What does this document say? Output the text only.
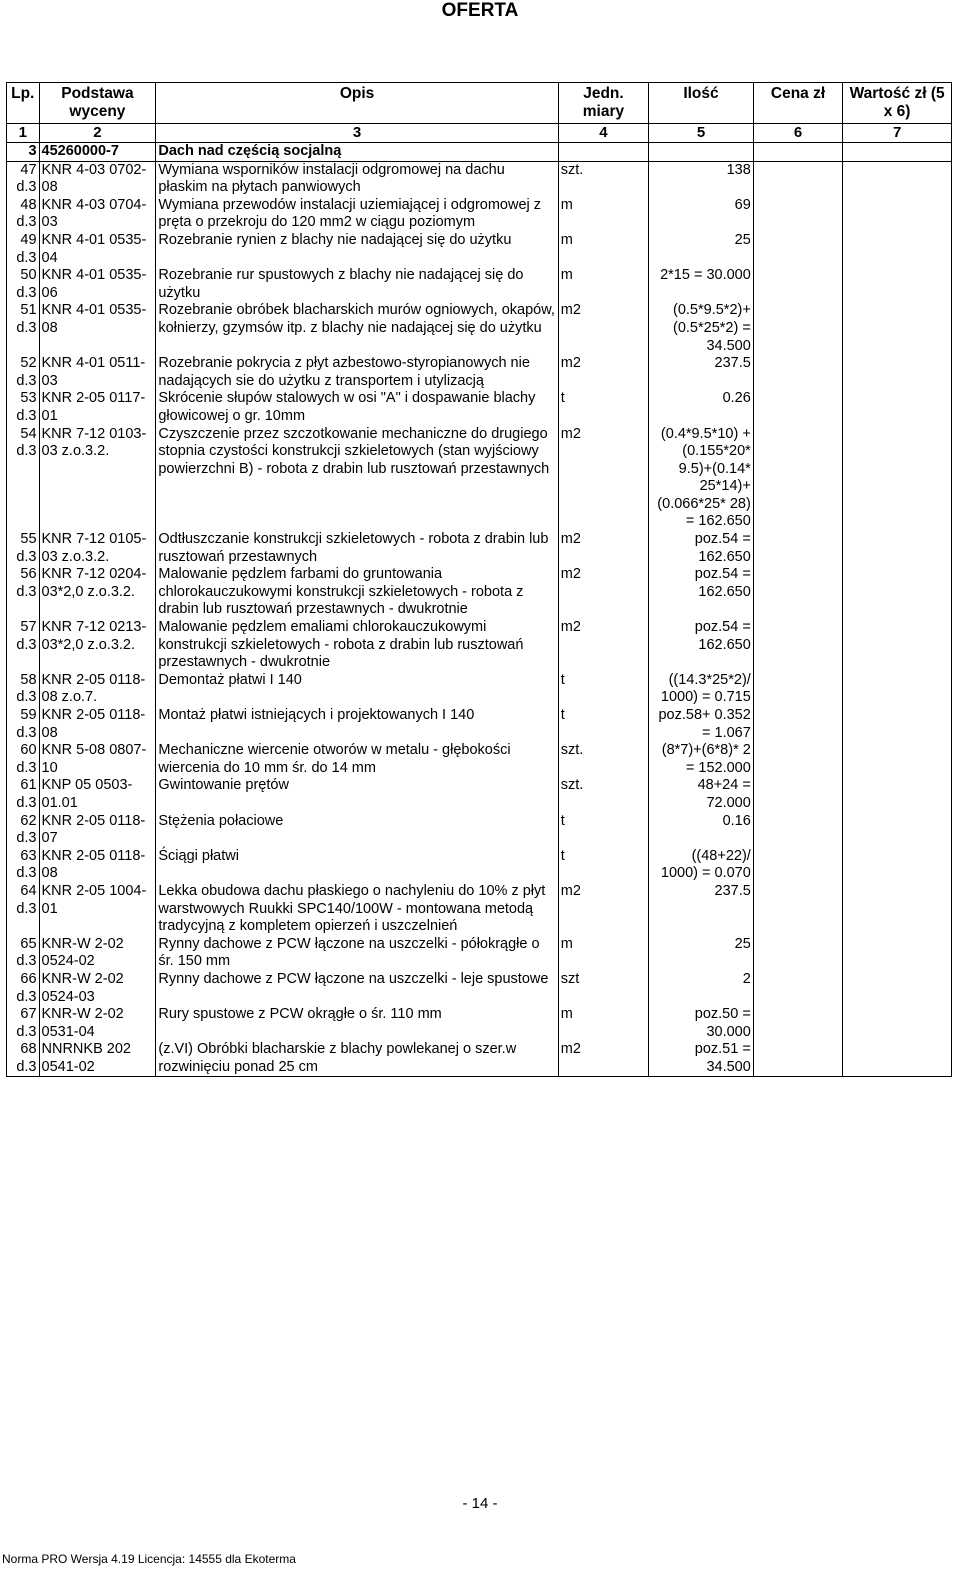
OFERTA
Lp.	Podstawa wyceny	Opis	Jedn. miary	Ilość	Cena zł	Wartość zł (5 x 6)
1	2	3	4	5	6	7
3	45260000-7	Dach nad częścią socjalną				
47 d.3	KNR 4-03 0702-08	Wymiana wsporników instalacji odgromowej na dachu płaskim na płytach panwiowych	szt.	138		
48 d.3	KNR 4-03 0704-03	Wymiana przewodów instalacji uziemiającej i odgromowej z pręta o przekroju do 120 mm2 w ciągu poziomym	m	69		
49 d.3	KNR 4-01 0535-04	Rozebranie rynien z blachy nie nadającej się do użytku	m	25		
50 d.3	KNR 4-01 0535-06	Rozebranie rur spustowych z blachy nie nadającej się do użytku	m	2*15 = 30.000		
51 d.3	KNR 4-01 0535-08	Rozebranie obróbek blacharskich murów ogniowych, okapów, kołnierzy, gzymsów itp. z blachy nie nadającej się do użytku	m2	(0.5*9.5*2)+ (0.5*25*2) = 34.500		
52 d.3	KNR 4-01 0511-03	Rozebranie pokrycia z płyt azbestowo-styropianowych nie nadających sie do użytku z transportem i utylizacją	m2	237.5		
53 d.3	KNR 2-05 0117-01	Skrócenie słupów stalowych w osi "A" i dospawanie blachy głowicowej o gr. 10mm	t	0.26		
54 d.3	KNR 7-12 0103-03 z.o.3.2.	Czyszczenie przez szczotkowanie mechaniczne do drugiego stopnia czystości konstrukcji szkieletowych (stan wyjściowy powierzchni B) - robota z drabin lub rusztowań przestawnych	m2	(0.4*9.5*10) +(0.155*20* 9.5)+(0.14* 25*14)+ (0.066*25* 28) = 162.650		
55 d.3	KNR 7-12 0105-03 z.o.3.2.	Odtłuszczanie konstrukcji szkieletowych - robota z drabin lub rusztowań przestawnych	m2	poz.54 = 162.650		
56 d.3	KNR 7-12 0204-03*2,0 z.o.3.2.	Malowanie pędzlem farbami do gruntowania chlorokauczukowymi konstrukcji szkieletowych - robota z drabin lub rusztowań przestawnych - dwukrotnie	m2	poz.54 = 162.650		
57 d.3	KNR 7-12 0213-03*2,0 z.o.3.2.	Malowanie pędzlem emaliami chlorokauczukowymi konstrukcji szkieletowych - robota z drabin lub rusztowań przestawnych - dwukrotnie	m2	poz.54 = 162.650		
58 d.3	KNR 2-05 0118-08 z.o.7.	Demontaż płatwi I 140	t	((14.3*25*2)/ 1000) = 0.715		
59 d.3	KNR 2-05 0118-08	Montaż płatwi istniejących i projektowanych I 140	t	poz.58+ 0.352 = 1.067		
60 d.3	KNR 5-08 0807-10	Mechaniczne wiercenie otworów w metalu - głębokości wiercenia do 10 mm śr. do 14 mm	szt.	(8*7)+(6*8)* 2 = 152.000		
61 d.3	KNP 05 0503-01.01	Gwintowanie prętów	szt.	48+24 = 72.000		
62 d.3	KNR 2-05 0118-07	Stężenia połaciowe	t	0.16		
63 d.3	KNR 2-05 0118-08	Ściągi płatwi	t	((48+22)/ 1000) = 0.070		
64 d.3	KNR 2-05 1004-01	Lekka obudowa dachu płaskiego o nachyleniu do 10% z płyt warstwowych Ruukki SPC140/100W - montowana metodą tradycyjną z kompletem opierzeń i uszczelnień	m2	237.5		
65 d.3	KNR-W 2-02 0524-02	Rynny dachowe z PCW łączone na uszczelki - półokrągłe o śr. 150 mm	m	25		
66 d.3	KNR-W 2-02 0524-03	Rynny dachowe z PCW łączone na uszczelki - leje spustowe	szt	2		
67 d.3	KNR-W 2-02 0531-04	Rury spustowe z PCW okrągłe o śr. 110 mm	m	poz.50 = 30.000		
68 d.3	NNRNKB 202 0541-02	(z.VI) Obróbki blacharskie z blachy powlekanej o szer.w rozwinięciu ponad 25 cm	m2	poz.51 = 34.500		
- 14 -
Norma PRO Wersja 4.19 Licencja: 14555 dla Ekoterma
